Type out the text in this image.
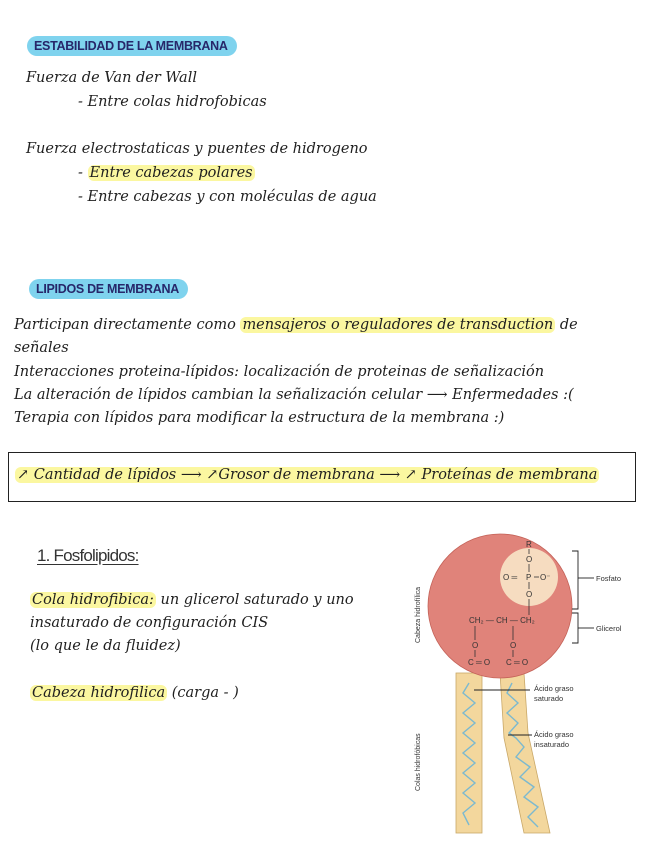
ESTABILIDAD DE LA MEMBRANA
Fuerza de Van der Wall
- Entre colas hidrofobicas
Fuerza electrostaticas y puentes de hidrogeno
- Entre cabezas polares
- Entre cabezas y con moléculas de agua
LIPIDOS DE MEMBRANA
Participan directamente como mensajeros o reguladores de transduction de
señales
Interacciones proteina-lípidos: localización de proteinas de señalización
La alteración de lípidos cambian la señalización celular ⟶ Enfermedades :(
Terapia con lípidos para modificar la estructura de la membrana :)
↗ Cantidad de lípidos ⟶ ↗Grosor de membrana ⟶ ↗ Proteínas de membrana
1. Fosfolipidos:
Cola hidrofibica: un glicerol saturado y uno
insaturado de configuración CIS
(lo que le da fluidez)
Cabeza hidrofilica (carga - )
R
O
O ═ P O⁻
O
CH₂ — CH — CH₂
O	O
C ═ O C ═ O
Fosfato
Glicerol
Ácido graso
saturado
Ácido graso
insaturado
Cabeza hidrofílica
Colas hidrofóbicas
